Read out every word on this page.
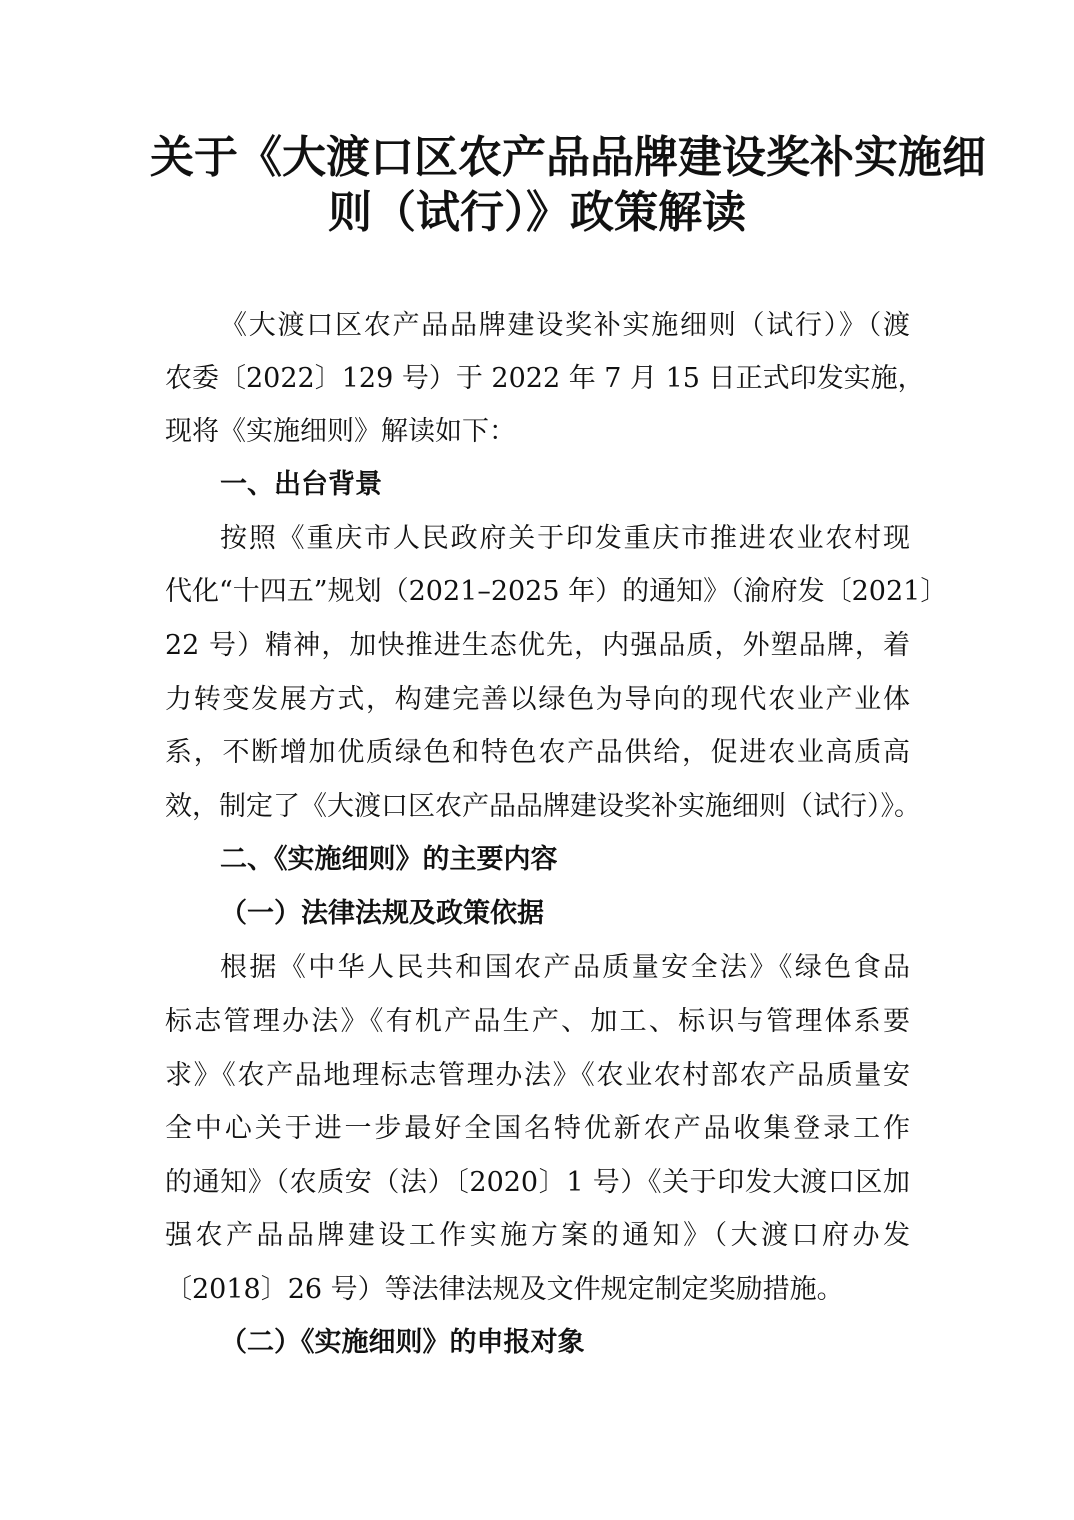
关于《大渡口区农产品品牌建设奖补实施细
则（试行）》政策解读

《大渡口区农产品品牌建设奖补实施细则（试行）》（渡

农委〔2022〕129 号）于 2022 年 7 月 15 日正式印发实施，

现将《实施细则》解读如下：

一、出台背景

按照《重庆市人民政府关于印发重庆市推进农业农村现

代化“十四五”规划（2021–2025 年）的通知》（渝府发〔2021〕

22 号）精神，加快推进生态优先，内强品质，外塑品牌，着

力转变发展方式，构建完善以绿色为导向的现代农业产业体

系，不断增加优质绿色和特色农产品供给，促进农业高质高

效，制定了《大渡口区农产品品牌建设奖补实施细则（试行）》。

二、《实施细则》的主要内容
（一）法律法规及政策依据

根据《中华人民共和国农产品质量安全法》《绿色食品

标志管理办法》《有机产品生产、加工、标识与管理体系要

求》《农产品地理标志管理办法》《农业农村部农产品质量安

全中心关于进一步最好全国名特优新农产品收集登录工作

的通知》（农质安（法）〔2020〕1 号）《关于印发大渡口区加

强农产品品牌建设工作实施方案的通知》（大渡口府办发

〔2018〕26 号）等法律法规及文件规定制定奖励措施。

（二）《实施细则》的申报对象
